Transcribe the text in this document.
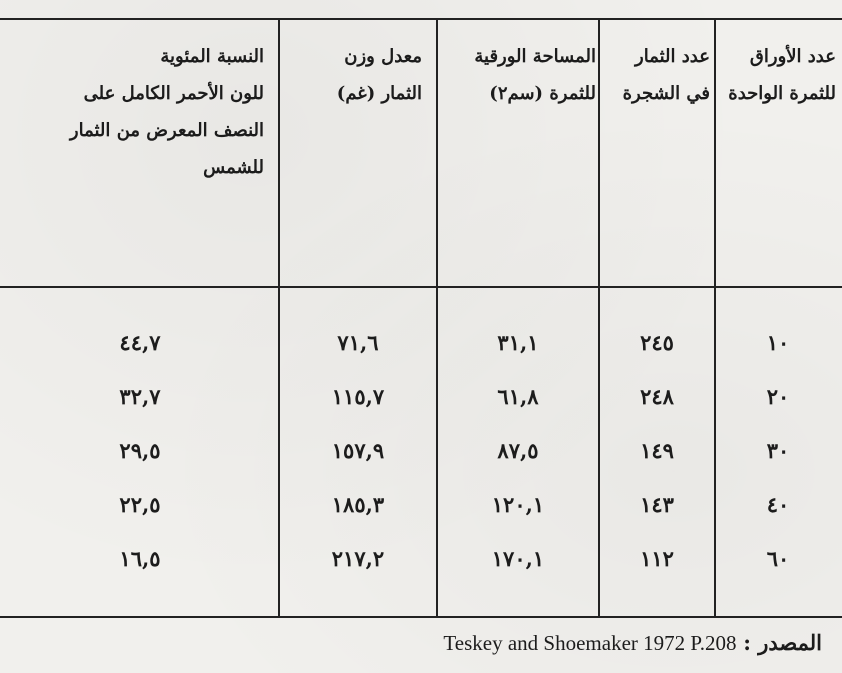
عدد الأوراق
للثمرة الواحدة
عدد الثمار
في الشجرة
المساحة الورقية
للثمرة (سم٢)
معدل وزن
الثمار (غم)
النسبة المئوية
للون الأحمر الكامل على
النصف المعرض من الثمار
للشمس
١٠
٢٤٥
٣١,١
٧١,٦
٤٤,٧
٢٠
٢٤٨
٦١,٨
١١٥,٧
٣٢,٧
٣٠
١٤٩
٨٧,٥
١٥٧,٩
٢٩,٥
٤٠
١٤٣
١٢٠,١
١٨٥,٣
٢٢,٥
٦٠
١١٢
١٧٠,١
٢١٧,٢
١٦,٥
المصدر : Teskey and Shoemaker 1972 P.208
